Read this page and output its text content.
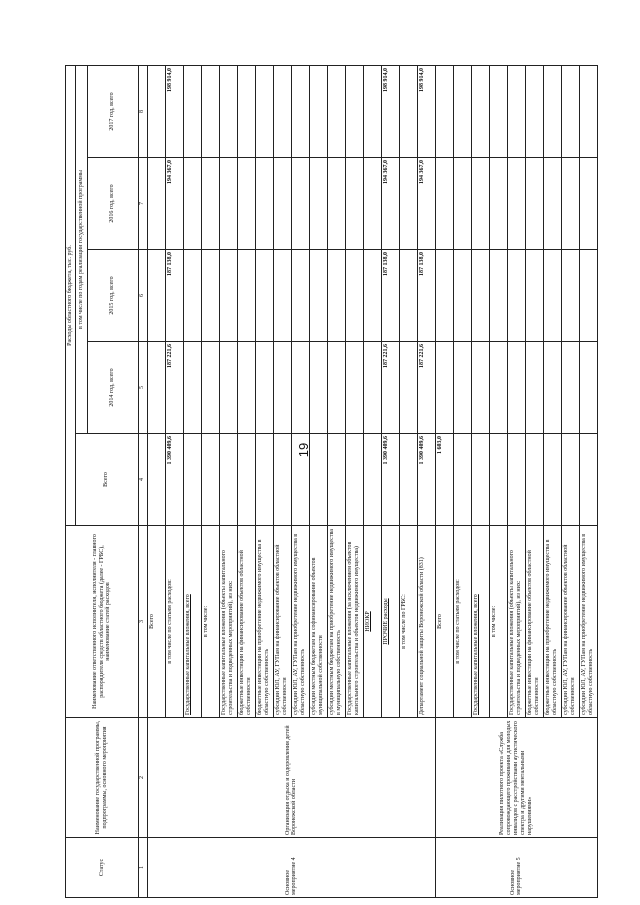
19
Статус	Наименование государственной программы, подпрограммы, основного мероприятия	Наименование ответственного исполнителя, исполнителя - главного распорядителя средств областного бюджета (далее - ГРБС), наименование статей расходов	Расходы областного бюджета, тыс. руб.				
			Всего	в том числе по годам реализации государственной программы			
				2014 год, всего	2015 год, всего	2016 год, всего	2017 год, всего
1	2	3	4	5	6	7	8
Основное мероприятие 4	Организация отдыха и оздоровления детей Воронежской области	Всего					
		в том числе по статьям расходов:	1 390 409,6	187 221,6	187 138,0	194 367,0	198 914,0
		Государственные капитальные вложения, всего					
		в том числе:					
		Государственные капитальные вложения (объекты капитального строительства и подведенных мероприятий), из них:					
		бюджетные инвестиции на финансирование объектов областной собственности					
		бюджетные инвестиции на приобретение недвижимого имущества в областную собственность					
		субсидии ЮЛ, АУ, ГУПам на финансирование объектов областной собственности					
		субсидии ЮЛ, АУ, ГУПам на приобретение недвижимого имущества в областную собственность					
		субсидии местным бюджетам на софинансирование объектов муниципальной собственности					
		субсидии местным бюджетам на приобретение недвижимого имущества в муниципальную собственность					
		Государственные капитальные вложения (за исключением объектов капитального строительства и объектов недвижимого имущества)					
		НИОКР					
		ПРОЧИЕ расходы	1 390 409,6	187 221,6	187 138,0	194 367,0	198 914,0
		в том числе по ГРБС:					
		Департамент социальной защиты Воронежской области (831)	1 390 409,6	187 221,6	187 138,0	194 367,0	198 914,0
Основное мероприятие 5	Реализация пилотного проекта «Служба сопровождающего проживания для молодых инвалидов с расстройствами аутистического спектра и другими ментальными нарушениями»	Всего	1 603,0				
		в том числе по статьям расходов:					
		Государственные капитальные вложения, всего					
		в том числе:					
		Государственные капитальные вложения (объекты капитального строительства и подведенных мероприятий), из них:					
		бюджетные инвестиции на финансирование объектов областной собственности					
		бюджетные инвестиции на приобретение недвижимого имущества в областную собственность					
		субсидии ЮЛ, АУ, ГУПам на финансирование объектов областной собственности					
		субсидии ЮЛ, АУ, ГУПам на приобретение недвижимого имущества в областную собственность					
